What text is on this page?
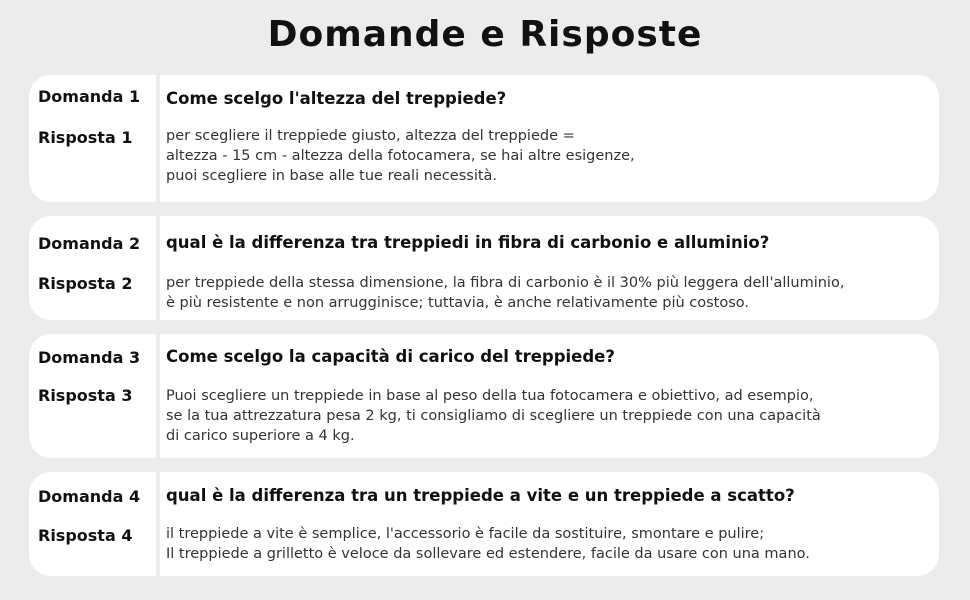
Domande e Risposte
Domanda 1 Come scelgo l'altezza del treppiede?
Risposta 1 per scegliere il treppiede giusto, altezza del treppiede =
altezza - 15 cm - altezza della fotocamera, se hai altre esigenze,
puoi scegliere in base alle tue reali necessità.
Domanda 2 qual è la differenza tra treppiedi in fibra di carbonio e alluminio?
Risposta 2 per treppiede della stessa dimensione, la fibra di carbonio è il 30% più leggera dell'alluminio,
è più resistente e non arrugginisce; tuttavia, è anche relativamente più costoso.
Domanda 3 Come scelgo la capacità di carico del treppiede?
Risposta 3 Puoi scegliere un treppiede in base al peso della tua fotocamera e obiettivo, ad esempio,
se la tua attrezzatura pesa 2 kg, ti consigliamo di scegliere un treppiede con una capacità
di carico superiore a 4 kg.
Domanda 4 qual è la differenza tra un treppiede a vite e un treppiede a scatto?
Risposta 4 il treppiede a vite è semplice, l'accessorio è facile da sostituire, smontare e pulire;
Il treppiede a grilletto è veloce da sollevare ed estendere, facile da usare con una mano.
